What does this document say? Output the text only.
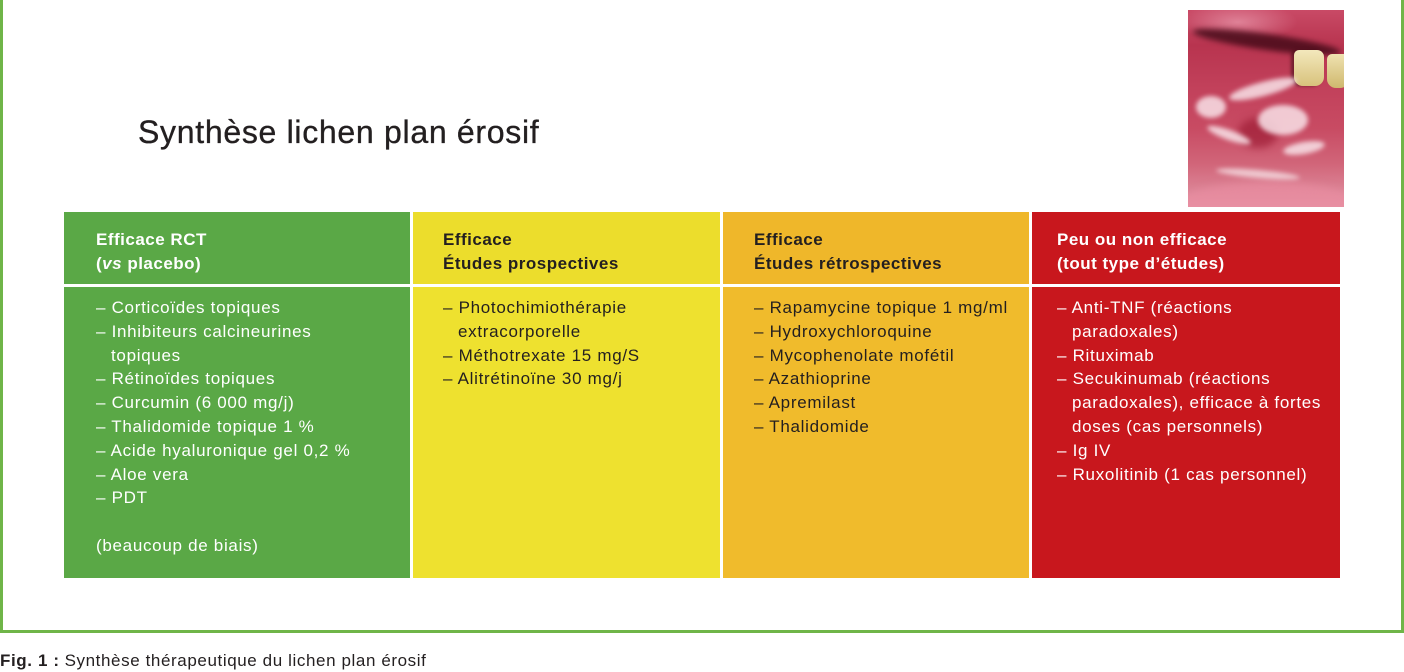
Synthèse lichen plan érosif
Efficace RCT
(vs placebo)
– Corticoïdes topiques
– Inhibiteurs calcineurines
topiques
– Rétinoïdes topiques
– Curcumin (6 000 mg/j)
– Thalidomide topique 1 %
– Acide hyaluronique gel 0,2 %
– Aloe vera
– PDT
(beaucoup de biais)
Efficace
Études prospectives
– Photochimiothérapie
extracorporelle
– Méthotrexate 15 mg/S
– Alitrétinoïne 30 mg/j
Efficace
Études rétrospectives
– Rapamycine topique 1 mg/ml
– Hydroxychloroquine
– Mycophenolate mofétil
– Azathioprine
– Apremilast
– Thalidomide
Peu ou non efficace
(tout type d’études)
– Anti-TNF (réactions
paradoxales)
– Rituximab
– Secukinumab (réactions
paradoxales), efficace à fortes
doses (cas personnels)
– Ig IV
– Ruxolitinib (1 cas personnel)
Fig. 1 : Synthèse thérapeutique du lichen plan érosif
